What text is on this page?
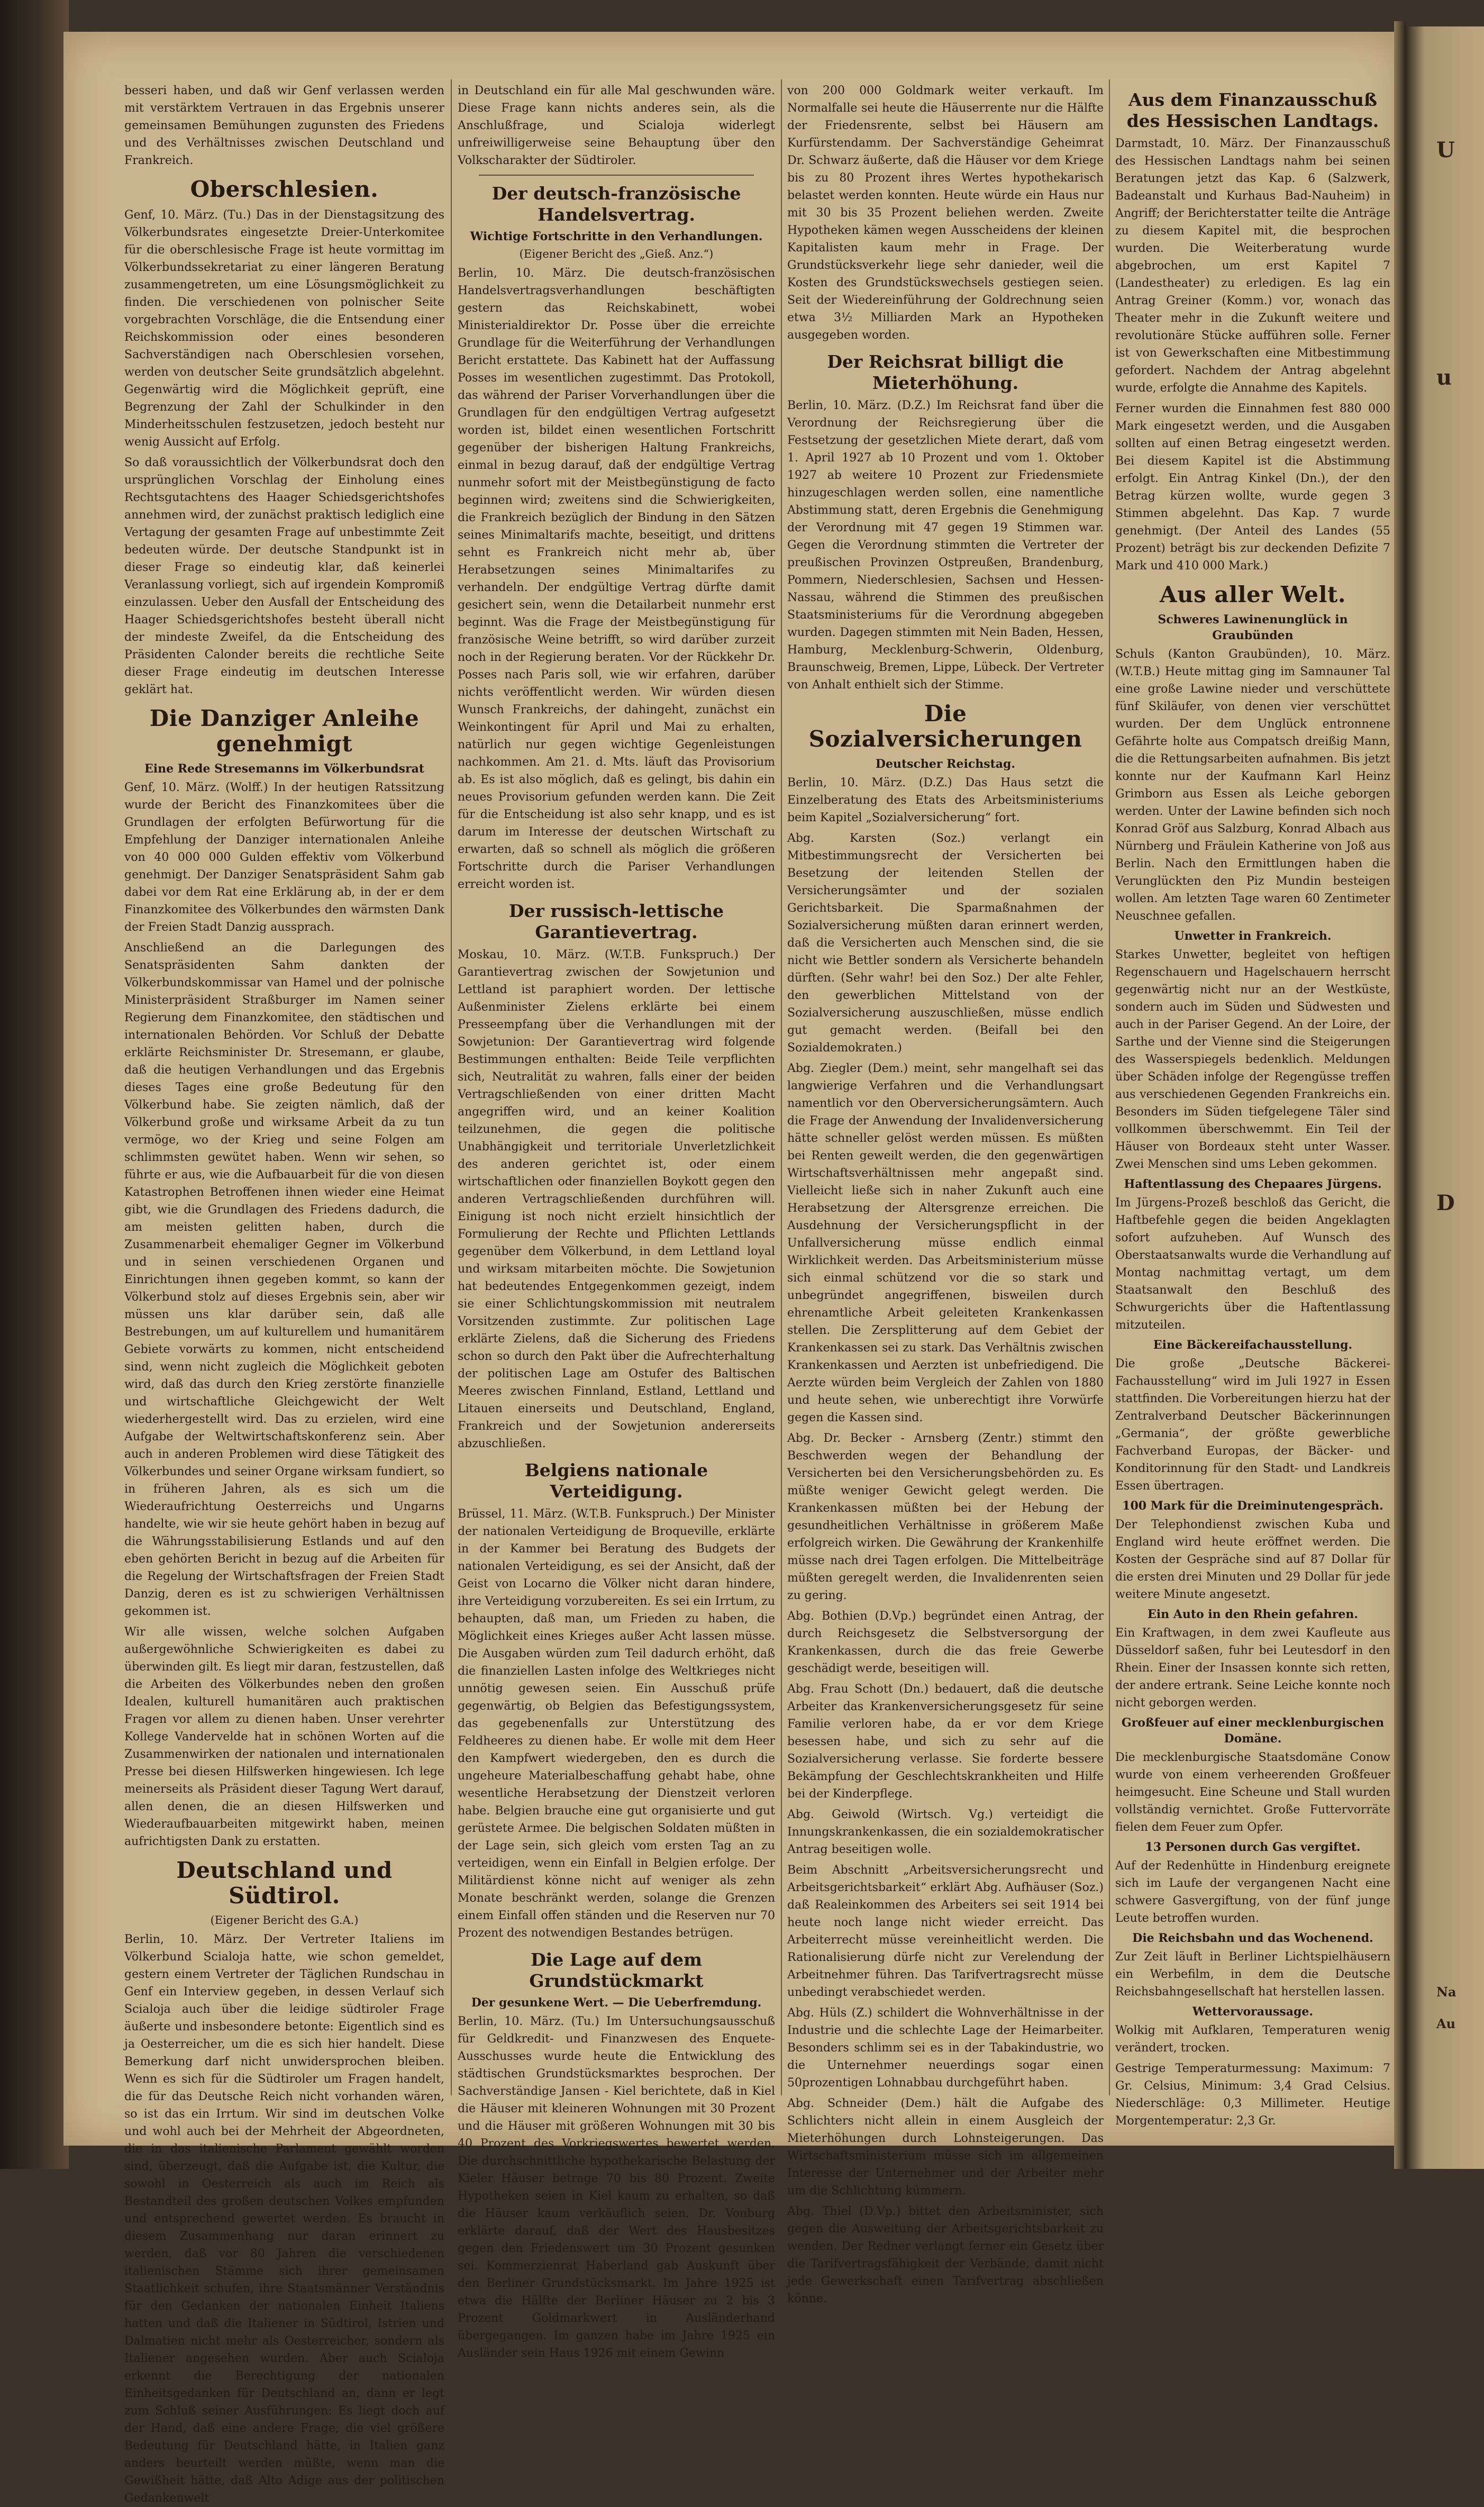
U
u
D
Na
Au
besseri haben, und daß wir Genf verlassen werden mit verstärktem Vertrauen in das Ergebnis unserer gemeinsamen Bemühungen zugunsten des Friedens und des Verhältnisses zwischen Deutschland und Frankreich.
Oberschlesien.
Genf, 10. März. (Tu.) Das in der Dienstagsitzung des Völkerbundsrates eingesetzte Dreier-Unterkomitee für die oberschlesische Frage ist heute vormittag im Völkerbundssekretariat zu einer längeren Beratung zusammengetreten, um eine Lösungsmöglichkeit zu finden. Die verschiedenen von polnischer Seite vorgebrachten Vorschläge, die die Entsendung einer Reichskommission oder eines besonderen Sachverständigen nach Oberschlesien vorsehen, werden von deutscher Seite grundsätzlich abgelehnt. Gegenwärtig wird die Möglichkeit geprüft, eine Begrenzung der Zahl der Schulkinder in den Minderheitsschulen festzusetzen, jedoch besteht nur wenig Aussicht auf Erfolg.
So daß voraussichtlich der Völkerbundsrat doch den ursprünglichen Vorschlag der Einholung eines Rechtsgutachtens des Haager Schiedsgerichtshofes annehmen wird, der zunächst praktisch lediglich eine Vertagung der gesamten Frage auf unbestimmte Zeit bedeuten würde. Der deutsche Standpunkt ist in dieser Frage so eindeutig klar, daß keinerlei Veranlassung vorliegt, sich auf irgendein Kompromiß einzulassen. Ueber den Ausfall der Entscheidung des Haager Schiedsgerichtshofes besteht überall nicht der mindeste Zweifel, da die Entscheidung des Präsidenten Calonder bereits die rechtliche Seite dieser Frage eindeutig im deutschen Interesse geklärt hat.
Die Danziger Anleihe genehmigt
Eine Rede Stresemanns im Völkerbundsrat
Genf, 10. März. (Wolff.) In der heutigen Ratssitzung wurde der Bericht des Finanzkomitees über die Grundlagen der erfolgten Befürwortung für die Empfehlung der Danziger internationalen Anleihe von 40 000 000 Gulden effektiv vom Völkerbund genehmigt. Der Danziger Senatspräsident Sahm gab dabei vor dem Rat eine Erklärung ab, in der er dem Finanzkomitee des Völkerbundes den wärmsten Dank der Freien Stadt Danzig aussprach.
Anschließend an die Darlegungen des Senatspräsidenten Sahm dankten der Völkerbundskommissar van Hamel und der polnische Ministerpräsident Straßburger im Namen seiner Regierung dem Finanzkomitee, den städtischen und internationalen Behörden. Vor Schluß der Debatte erklärte Reichsminister Dr. Stresemann, er glaube, daß die heutigen Verhandlungen und das Ergebnis dieses Tages eine große Bedeutung für den Völkerbund habe. Sie zeigten nämlich, daß der Völkerbund große und wirksame Arbeit da zu tun vermöge, wo der Krieg und seine Folgen am schlimmsten gewütet haben. Wenn wir sehen, so führte er aus, wie die Aufbauarbeit für die von diesen Katastrophen Betroffenen ihnen wieder eine Heimat gibt, wie die Grundlagen des Friedens dadurch, die am meisten gelitten haben, durch die Zusammenarbeit ehemaliger Gegner im Völkerbund und in seinen verschiedenen Organen und Einrichtungen ihnen gegeben kommt, so kann der Völkerbund stolz auf dieses Ergebnis sein, aber wir müssen uns klar darüber sein, daß alle Bestrebungen, um auf kulturellem und humanitärem Gebiete vorwärts zu kommen, nicht entscheidend sind, wenn nicht zugleich die Möglichkeit geboten wird, daß das durch den Krieg zerstörte finanzielle und wirtschaftliche Gleichgewicht der Welt wiederhergestellt wird. Das zu erzielen, wird eine Aufgabe der Weltwirtschaftskonferenz sein. Aber auch in anderen Problemen wird diese Tätigkeit des Völkerbundes und seiner Organe wirksam fundiert, so in früheren Jahren, als es sich um die Wiederaufrichtung Oesterreichs und Ungarns handelte, wie wir sie heute gehört haben in bezug auf die Währungsstabilisierung Estlands und auf den eben gehörten Bericht in bezug auf die Arbeiten für die Regelung der Wirtschaftsfragen der Freien Stadt Danzig, deren es ist zu schwierigen Verhältnissen gekommen ist.
Wir alle wissen, welche solchen Aufgaben außergewöhnliche Schwierigkeiten es dabei zu überwinden gilt. Es liegt mir daran, festzustellen, daß die Arbeiten des Völkerbundes neben den großen Idealen, kulturell humanitären auch praktischen Fragen vor allem zu dienen haben. Unser verehrter Kollege Vandervelde hat in schönen Worten auf die Zusammenwirken der nationalen und internationalen Presse bei diesen Hilfswerken hingewiesen. Ich lege meinerseits als Präsident dieser Tagung Wert darauf, allen denen, die an diesen Hilfswerken und Wiederaufbauarbeiten mitgewirkt haben, meinen aufrichtigsten Dank zu erstatten.
Deutschland und Südtirol.
(Eigener Bericht des G.A.)
Berlin, 10. März. Der Vertreter Italiens im Völkerbund Scialoja hatte, wie schon gemeldet, gestern einem Vertreter der Täglichen Rundschau in Genf ein Interview gegeben, in dessen Verlauf sich Scialoja auch über die leidige südtiroler Frage äußerte und insbesondere betonte: Eigentlich sind es ja Oesterreicher, um die es sich hier handelt. Diese Bemerkung darf nicht unwidersprochen bleiben. Wenn es sich für die Südtiroler um Fragen handelt, die für das Deutsche Reich nicht vorhanden wären, so ist das ein Irrtum. Wir sind im deutschen Volke und wohl auch bei der Mehrheit der Abgeordneten, die in das italienische Parlament gewählt worden sind, überzeugt, daß die Aufgabe ist, die Kultur, die sowohl in Oesterreich als auch im Reich als Bestandteil des großen deutschen Volkes empfunden und entsprechend gewertet werden. Es braucht in diesem Zusammenhang nur daran erinnert zu werden, daß vor 80 Jahren die verschiedenen italienischen Stämme sich ihrer gemeinsamen Staatlichkeit schufen, ihre Staatsmänner Verständnis für den Gedanken der nationalen Einheit Italiens hatten und daß die Italiener in Südtirol, Istrien und Dalmatien nicht mehr als Oesterreicher, sondern als Italiener angesehen wurden. Aber auch Scialoja erkennt die Berechtigung der nationalen Einheitsgedanken für Deutschland an, dann er legt zum Schluß seiner Ausführungen: Es liegt doch auf der Hand, daß eine andere Frage, die viel größere Bedeutung für Deutschland hätte, in Italien ganz anders beurteilt werden müßte, wenn man die Gewißheit hätte, daß Alto Adige aus der politischen Gedankenwelt
in Deutschland ein für alle Mal geschwunden wäre. Diese Frage kann nichts anderes sein, als die Anschlußfrage, und Scialoja widerlegt unfreiwilligerweise seine Behauptung über den Volkscharakter der Südtiroler.
Der deutsch-französische Handelsvertrag.
Wichtige Fortschritte in den Verhandlungen.
(Eigener Bericht des „Gieß. Anz.“)
Berlin, 10. März. Die deutsch-französischen Handelsvertragsverhandlungen beschäftigten gestern das Reichskabinett, wobei Ministerialdirektor Dr. Posse über die erreichte Grundlage für die Weiterführung der Verhandlungen Bericht erstattete. Das Kabinett hat der Auffassung Posses im wesentlichen zugestimmt. Das Protokoll, das während der Pariser Vorverhandlungen über die Grundlagen für den endgültigen Vertrag aufgesetzt worden ist, bildet einen wesentlichen Fortschritt gegenüber der bisherigen Haltung Frankreichs, einmal in bezug darauf, daß der endgültige Vertrag nunmehr sofort mit der Meistbegünstigung de facto beginnen wird; zweitens sind die Schwierigkeiten, die Frankreich bezüglich der Bindung in den Sätzen seines Minimaltarifs machte, beseitigt, und drittens sehnt es Frankreich nicht mehr ab, über Herabsetzungen seines Minimaltarifes zu verhandeln. Der endgültige Vertrag dürfte damit gesichert sein, wenn die Detailarbeit nunmehr erst beginnt. Was die Frage der Meistbegünstigung für französische Weine betrifft, so wird darüber zurzeit noch in der Regierung beraten. Vor der Rückkehr Dr. Posses nach Paris soll, wie wir erfahren, darüber nichts veröffentlicht werden. Wir würden diesen Wunsch Frankreichs, der dahingeht, zunächst ein Weinkontingent für April und Mai zu erhalten, natürlich nur gegen wichtige Gegenleistungen nachkommen. Am 21. d. Mts. läuft das Provisorium ab. Es ist also möglich, daß es gelingt, bis dahin ein neues Provisorium gefunden werden kann. Die Zeit für die Entscheidung ist also sehr knapp, und es ist darum im Interesse der deutschen Wirtschaft zu erwarten, daß so schnell als möglich die größeren Fortschritte durch die Pariser Verhandlungen erreicht worden ist.
Der russisch-lettische Garantievertrag.
Moskau, 10. März. (W.T.B. Funkspruch.) Der Garantievertrag zwischen der Sowjetunion und Lettland ist paraphiert worden. Der lettische Außenminister Zielens erklärte bei einem Presseempfang über die Verhandlungen mit der Sowjetunion: Der Garantievertrag wird folgende Bestimmungen enthalten: Beide Teile verpflichten sich, Neutralität zu wahren, falls einer der beiden Vertragschließenden von einer dritten Macht angegriffen wird, und an keiner Koalition teilzunehmen, die gegen die politische Unabhängigkeit und territoriale Unverletzlichkeit des anderen gerichtet ist, oder einem wirtschaftlichen oder finanziellen Boykott gegen den anderen Vertragschließenden durchführen will. Einigung ist noch nicht erzielt hinsichtlich der Formulierung der Rechte und Pflichten Lettlands gegenüber dem Völkerbund, in dem Lettland loyal und wirksam mitarbeiten möchte. Die Sowjetunion hat bedeutendes Entgegenkommen gezeigt, indem sie einer Schlichtungskommission mit neutralem Vorsitzenden zustimmte. Zur politischen Lage erklärte Zielens, daß die Sicherung des Friedens schon so durch den Pakt über die Aufrechterhaltung der politischen Lage am Ostufer des Baltischen Meeres zwischen Finnland, Estland, Lettland und Litauen einerseits und Deutschland, England, Frankreich und der Sowjetunion andererseits abzuschließen.
Belgiens nationale Verteidigung.
Brüssel, 11. März. (W.T.B. Funkspruch.) Der Minister der nationalen Verteidigung de Broqueville, erklärte in der Kammer bei Beratung des Budgets der nationalen Verteidigung, es sei der Ansicht, daß der Geist von Locarno die Völker nicht daran hindere, ihre Verteidigung vorzubereiten. Es sei ein Irrtum, zu behaupten, daß man, um Frieden zu haben, die Möglichkeit eines Krieges außer Acht lassen müsse. Die Ausgaben würden zum Teil dadurch erhöht, daß die finanziellen Lasten infolge des Weltkrieges nicht unnötig gewesen seien. Ein Ausschuß prüfe gegenwärtig, ob Belgien das Befestigungssystem, das gegebenenfalls zur Unterstützung des Feldheeres zu dienen habe. Er wolle mit dem Heer den Kampfwert wiedergeben, den es durch die ungeheure Materialbeschaffung gehabt habe, ohne wesentliche Herabsetzung der Dienstzeit verloren habe. Belgien brauche eine gut organisierte und gut gerüstete Armee. Die belgischen Soldaten müßten in der Lage sein, sich gleich vom ersten Tag an zu verteidigen, wenn ein Einfall in Belgien erfolge. Der Militärdienst könne nicht auf weniger als zehn Monate beschränkt werden, solange die Grenzen einem Einfall offen ständen und die Reserven nur 70 Prozent des notwendigen Bestandes betrügen.
Die Lage auf dem Grundstückmarkt
Der gesunkene Wert. — Die Ueberfremdung.
Berlin, 10. März. (Tu.) Im Untersuchungsausschuß für Geldkredit- und Finanzwesen des Enquete-Ausschusses wurde heute die Entwicklung des städtischen Grundstücksmarktes besprochen. Der Sachverständige Jansen - Kiel berichtete, daß in Kiel die Häuser mit kleineren Wohnungen mit 30 Prozent und die Häuser mit größeren Wohnungen mit 30 bis 40 Prozent des Vorkriegswertes bewertet werden. Die durchschnittliche hypothekarische Belastung der Kieler Häuser betrage 70 bis 80 Prozent. Zweite Hypotheken seien in Kiel kaum zu erhalten, so daß die Häuser kaum verkäuflich seien. Dr. Vonburg erklärte darauf, daß der Wert des Hausbesitzes gegen den Friedenswert um 30 Prozent gesunken sei. Kommerzienrat Haberland gab Auskunft über den Berliner Grundstücksmarkt. Im Jahre 1925 ist etwa die Hälfte der Berliner Häuser zu 2 bis 3 Prozent Goldmarkwert in Ausländerhand übergegangen. Im ganzen habe im Jahre 1925 ein Ausländer sein Haus 1926 mit einem Gewinn
von 200 000 Goldmark weiter verkauft. Im Normalfalle sei heute die Häuserrente nur die Hälfte der Friedensrente, selbst bei Häusern am Kurfürstendamm. Der Sachverständige Geheimrat Dr. Schwarz äußerte, daß die Häuser vor dem Kriege bis zu 80 Prozent ihres Wertes hypothekarisch belastet werden konnten. Heute würde ein Haus nur mit 30 bis 35 Prozent beliehen werden. Zweite Hypotheken kämen wegen Ausscheidens der kleinen Kapitalisten kaum mehr in Frage. Der Grundstücksverkehr liege sehr danieder, weil die Kosten des Grundstückswechsels gestiegen seien. Seit der Wiedereinführung der Goldrechnung seien etwa 3½ Milliarden Mark an Hypotheken ausgegeben worden.
Der Reichsrat billigt die Mieterhöhung.
Berlin, 10. März. (D.Z.) Im Reichsrat fand über die Verordnung der Reichsregierung über die Festsetzung der gesetzlichen Miete derart, daß vom 1. April 1927 ab 10 Prozent und vom 1. Oktober 1927 ab weitere 10 Prozent zur Friedensmiete hinzugeschlagen werden sollen, eine namentliche Abstimmung statt, deren Ergebnis die Genehmigung der Verordnung mit 47 gegen 19 Stimmen war. Gegen die Verordnung stimmten die Vertreter der preußischen Provinzen Ostpreußen, Brandenburg, Pommern, Niederschlesien, Sachsen und Hessen-Nassau, während die Stimmen des preußischen Staatsministeriums für die Verordnung abgegeben wurden. Dagegen stimmten mit Nein Baden, Hessen, Hamburg, Mecklenburg-Schwerin, Oldenburg, Braunschweig, Bremen, Lippe, Lübeck. Der Vertreter von Anhalt enthielt sich der Stimme.
Die Sozialversicherungen
Deutscher Reichstag.
Berlin, 10. März. (D.Z.) Das Haus setzt die Einzelberatung des Etats des Arbeitsministeriums beim Kapitel „Sozialversicherung“ fort.
Abg. Karsten (Soz.) verlangt ein Mitbestimmungsrecht der Versicherten bei Besetzung der leitenden Stellen der Versicherungsämter und der sozialen Gerichtsbarkeit. Die Sparmaßnahmen der Sozialversicherung müßten daran erinnert werden, daß die Versicherten auch Menschen sind, die sie nicht wie Bettler sondern als Versicherte behandeln dürften. (Sehr wahr! bei den Soz.) Der alte Fehler, den gewerblichen Mittelstand von der Sozialversicherung auszuschließen, müsse endlich gut gemacht werden. (Beifall bei den Sozialdemokraten.)
Abg. Ziegler (Dem.) meint, sehr mangelhaft sei das langwierige Verfahren und die Verhandlungsart namentlich vor den Oberversicherungsämtern. Auch die Frage der Anwendung der Invalidenversicherung hätte schneller gelöst werden müssen. Es müßten bei Renten geweilt werden, die den gegenwärtigen Wirtschaftsverhältnissen mehr angepaßt sind. Vielleicht ließe sich in naher Zukunft auch eine Herabsetzung der Altersgrenze erreichen. Die Ausdehnung der Versicherungspflicht in der Unfallversicherung müsse endlich einmal Wirklichkeit werden. Das Arbeitsministerium müsse sich einmal schützend vor die so stark und unbegründet angegriffenen, bisweilen durch ehrenamtliche Arbeit geleiteten Krankenkassen stellen. Die Zersplitterung auf dem Gebiet der Krankenkassen sei zu stark. Das Verhältnis zwischen Krankenkassen und Aerzten ist unbefriedigend. Die Aerzte würden beim Vergleich der Zahlen von 1880 und heute sehen, wie unberechtigt ihre Vorwürfe gegen die Kassen sind.
Abg. Dr. Becker - Arnsberg (Zentr.) stimmt den Beschwerden wegen der Behandlung der Versicherten bei den Versicherungsbehörden zu. Es müßte weniger Gewicht gelegt werden. Die Krankenkassen müßten bei der Hebung der gesundheitlichen Verhältnisse in größerem Maße erfolgreich wirken. Die Gewährung der Krankenhilfe müsse nach drei Tagen erfolgen. Die Mittelbeiträge müßten geregelt werden, die Invalidenrenten seien zu gering.
Abg. Bothien (D.Vp.) begründet einen Antrag, der durch Reichsgesetz die Selbstversorgung der Krankenkassen, durch die das freie Gewerbe geschädigt werde, beseitigen will.
Abg. Frau Schott (Dn.) bedauert, daß die deutsche Arbeiter das Krankenversicherungsgesetz für seine Familie verloren habe, da er vor dem Kriege besessen habe, und sich zu sehr auf die Sozialversicherung verlasse. Sie forderte bessere Bekämpfung der Geschlechtskrankheiten und Hilfe bei der Kinderpflege.
Abg. Geiwold (Wirtsch. Vg.) verteidigt die Innungskrankenkassen, die ein sozialdemokratischer Antrag beseitigen wolle.
Beim Abschnitt „Arbeitsversicherungsrecht und Arbeitsgerichtsbarkeit“ erklärt Abg. Aufhäuser (Soz.) daß Realeinkommen des Arbeiters sei seit 1914 bei heute noch lange nicht wieder erreicht. Das Arbeiterrecht müsse vereinheitlicht werden. Die Rationalisierung dürfe nicht zur Verelendung der Arbeitnehmer führen. Das Tarifvertragsrecht müsse unbedingt verabschiedet werden.
Abg. Hüls (Z.) schildert die Wohnverhältnisse in der Industrie und die schlechte Lage der Heimarbeiter. Besonders schlimm sei es in der Tabakindustrie, wo die Unternehmer neuerdings sogar einen 50prozentigen Lohnabbau durchgeführt haben.
Abg. Schneider (Dem.) hält die Aufgabe des Schlichters nicht allein in einem Ausgleich der Mieterhöhungen durch Lohnsteigerungen. Das Wirtschaftsministerium müsse sich im allgemeinen Interesse der Unternehmer und der Arbeiter mehr um die Schlichtung kümmern.
Abg. Thiel (D.Vp.) bittet den Arbeitsminister, sich gegen die Ausweitung der Arbeitsgerichtsbarkeit zu wenden. Der Redner verlangt ferner ein Gesetz über die Tarifvertragsfähigkeit der Verbände, damit nicht jede Gewerkschaft einen Tarifvertrag abschließen könne.
Aus dem Finanzausschuß des Hessischen Landtags.
Darmstadt, 10. März. Der Finanzausschuß des Hessischen Landtags nahm bei seinen Beratungen jetzt das Kap. 6 (Salzwerk, Badeanstalt und Kurhaus Bad-Nauheim) in Angriff; der Berichterstatter teilte die Anträge zu diesem Kapitel mit, die besprochen wurden. Die Weiterberatung wurde abgebrochen, um erst Kapitel 7 (Landestheater) zu erledigen. Es lag ein Antrag Greiner (Komm.) vor, wonach das Theater mehr in die Zukunft weitere und revolutionäre Stücke aufführen solle. Ferner ist von Gewerkschaften eine Mitbestimmung gefordert. Nachdem der Antrag abgelehnt wurde, erfolgte die Annahme des Kapitels.
Ferner wurden die Einnahmen fest 880 000 Mark eingesetzt werden, und die Ausgaben sollten auf einen Betrag eingesetzt werden. Bei diesem Kapitel ist die Abstimmung erfolgt. Ein Antrag Kinkel (Dn.), der den Betrag kürzen wollte, wurde gegen 3 Stimmen abgelehnt. Das Kap. 7 wurde genehmigt. (Der Anteil des Landes (55 Prozent) beträgt bis zur deckenden Defizite 7 Mark und 410 000 Mark.)
Aus aller Welt.
Schweres Lawinenunglück in Graubünden
Schuls (Kanton Graubünden), 10. März. (W.T.B.) Heute mittag ging im Samnauner Tal eine große Lawine nieder und verschüttete fünf Skiläufer, von denen vier verschüttet wurden. Der dem Unglück entronnene Gefährte holte aus Compatsch dreißig Mann, die die Rettungsarbeiten aufnahmen. Bis jetzt konnte nur der Kaufmann Karl Heinz Grimborn aus Essen als Leiche geborgen werden. Unter der Lawine befinden sich noch Konrad Gröf aus Salzburg, Konrad Albach aus Nürnberg und Fräulein Katherine von Joß aus Berlin. Nach den Ermittlungen haben die Verunglückten den Piz Mundin besteigen wollen. Am letzten Tage waren 60 Zentimeter Neuschnee gefallen.
Unwetter in Frankreich.
Starkes Unwetter, begleitet von heftigen Regenschauern und Hagelschauern herrscht gegenwärtig nicht nur an der Westküste, sondern auch im Süden und Südwesten und auch in der Pariser Gegend. An der Loire, der Sarthe und der Vienne sind die Steigerungen des Wasserspiegels bedenklich. Meldungen über Schäden infolge der Regengüsse treffen aus verschiedenen Gegenden Frankreichs ein. Besonders im Süden tiefgelegene Täler sind vollkommen überschwemmt. Ein Teil der Häuser von Bordeaux steht unter Wasser. Zwei Menschen sind ums Leben gekommen.
Haftentlassung des Chepaares Jürgens.
Im Jürgens-Prozeß beschloß das Gericht, die Haftbefehle gegen die beiden Angeklagten sofort aufzuheben. Auf Wunsch des Oberstaatsanwalts wurde die Verhandlung auf Montag nachmittag vertagt, um dem Staatsanwalt den Beschluß des Schwurgerichts über die Haftentlassung mitzuteilen.
Eine Bäckereifachausstellung.
Die große „Deutsche Bäckerei-Fachausstellung“ wird im Juli 1927 in Essen stattfinden. Die Vorbereitungen hierzu hat der Zentralverband Deutscher Bäckerinnungen „Germania“, der größte gewerbliche Fachverband Europas, der Bäcker- und Konditorinnung für den Stadt- und Landkreis Essen übertragen.
100 Mark für die Dreiminutengespräch.
Der Telephondienst zwischen Kuba und England wird heute eröffnet werden. Die Kosten der Gespräche sind auf 87 Dollar für die ersten drei Minuten und 29 Dollar für jede weitere Minute angesetzt.
Ein Auto in den Rhein gefahren.
Ein Kraftwagen, in dem zwei Kaufleute aus Düsseldorf saßen, fuhr bei Leutesdorf in den Rhein. Einer der Insassen konnte sich retten, der andere ertrank. Seine Leiche konnte noch nicht geborgen werden.
Großfeuer auf einer mecklenburgischen Domäne.
Die mecklenburgische Staatsdomäne Conow wurde von einem verheerenden Großfeuer heimgesucht. Eine Scheune und Stall wurden vollständig vernichtet. Große Futtervorräte fielen dem Feuer zum Opfer.
13 Personen durch Gas vergiftet.
Auf der Redenhütte in Hindenburg ereignete sich im Laufe der vergangenen Nacht eine schwere Gasvergiftung, von der fünf junge Leute betroffen wurden.
Die Reichsbahn und das Wochenend.
Zur Zeit läuft in Berliner Lichtspielhäusern ein Werbefilm, in dem die Deutsche Reichsbahngesellschaft hat herstellen lassen.
Wettervoraussage.
Wolkig mit Aufklaren, Temperaturen wenig verändert, trocken.
Gestrige Temperaturmessung: Maximum: 7 Gr. Celsius, Minimum: 3,4 Grad Celsius. Niederschläge: 0,3 Millimeter. Heutige Morgentemperatur: 2,3 Gr.
